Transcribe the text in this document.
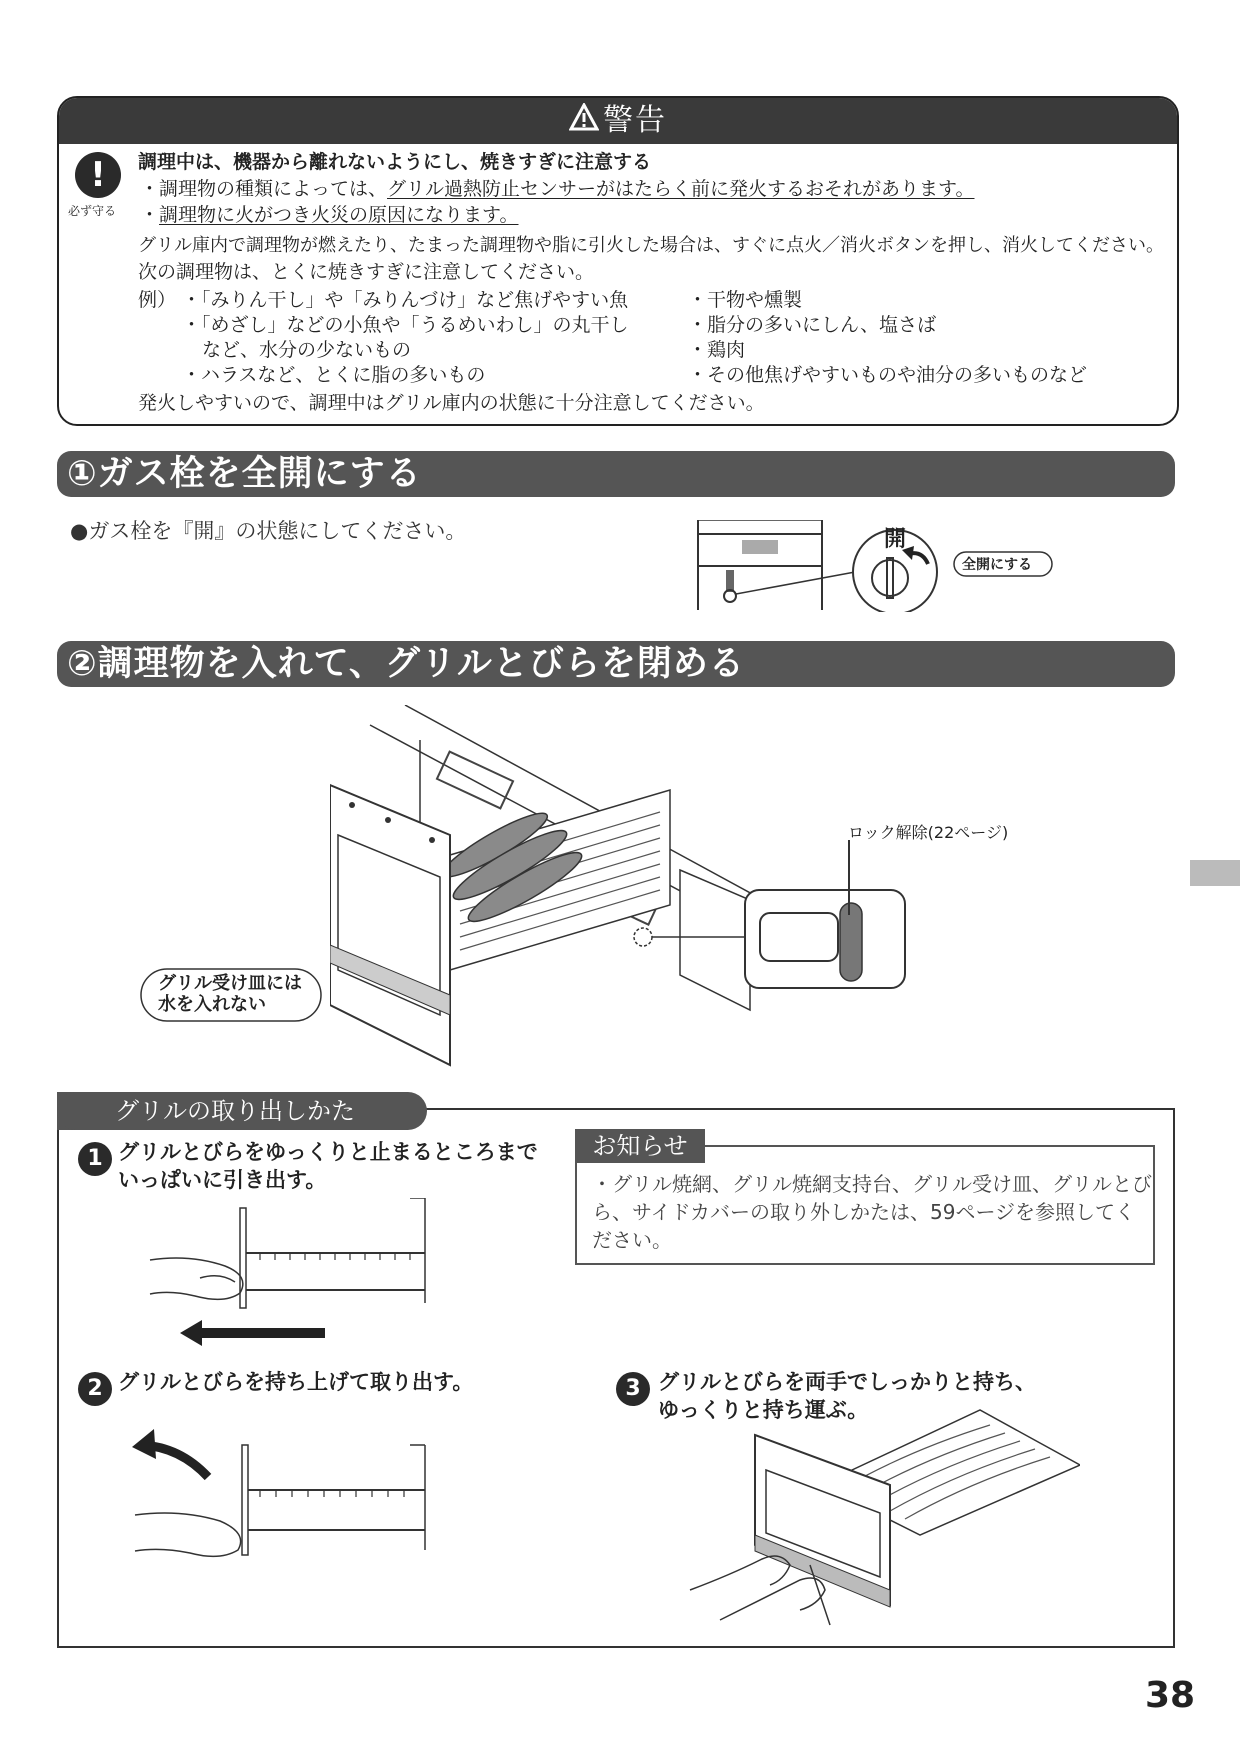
警告
!
必ず守る
調理中は、機器から離れないようにし、焼きすぎに注意する
・調理物の種類によっては、グリル過熱防止センサーがはたらく前に発火するおそれがあります。
・調理物に火がつき火災の原因になります。
グリル庫内で調理物が燃えたり、たまった調理物や脂に引火した場合は、すぐに点火／消火ボタンを押し、消火してください。
次の調理物は、とくに焼きすぎに注意してください。
例） ・「みりん干し」や「みりんづけ」など焦げやすい魚
・「めざし」などの小魚や「うるめいわし」の丸干し
など、水分の少ないもの
・ハラスなど、とくに脂の多いもの
・干物や燻製
・脂分の多いにしん、塩さば
・鶏肉
・その他焦げやすいものや油分の多いものなど
発火しやすいので、調理中はグリル庫内の状態に十分注意してください。
①ガス栓を全開にする
●ガス栓を『開』の状態にしてください。	開
全開にする
②調理物を入れて、グリルとびらを閉める
ロック解除(22ページ)
グリル受け皿には
水を入れない
グリルの取り出しかた
1 グリルとびらをゆっくりと止まるところまで
いっぱいに引き出す。
お知らせ
・グリル焼網、グリル焼網支持台、グリル受け皿、グリルとびら、サイドカバーの取り外しかたは、59ページを参照してください。
2 グリルとびらを持ち上げて取り出す。	3 グリルとびらを両手でしっかりと持ち、
ゆっくりと持ち運ぶ。
38
